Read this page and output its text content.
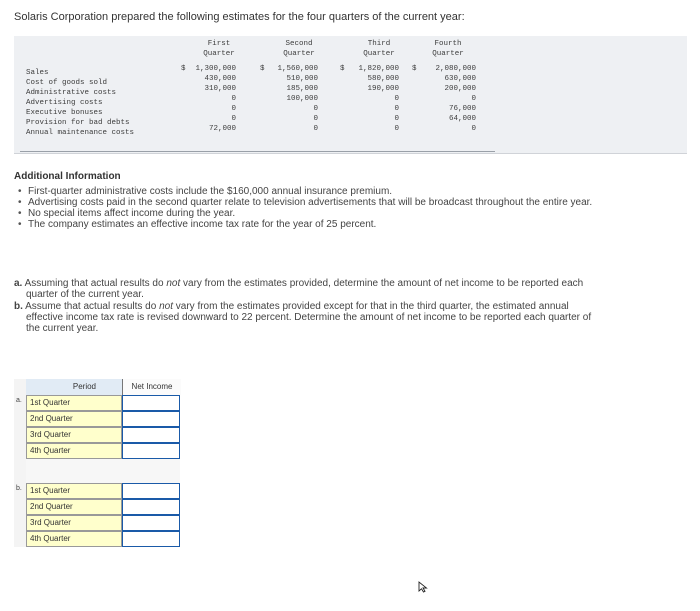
Solaris Corporation prepared the following estimates for the four quarters of the current year:
First
Quarter
Second
Quarter
Third
Quarter
Fourth
Quarter
Sales	$	1,300,000	$	1,560,000	$	1,820,000 $	2,080,000
Cost of goods sold	430,000	510,000	580,000	630,000
Administrative costs	310,000	185,000	190,000	200,000
Advertising costs	0	100,000	0	0
Executive bonuses	0	0	0	76,000
Provision for bad debts	0	0	0	64,000
Annual maintenance costs	72,000	0	0	0
Additional Information
• First-quarter administrative costs include the $160,000 annual insurance premium.
• Advertising costs paid in the second quarter relate to television advertisements that will be broadcast throughout the entire year.
• No special items affect income during the year.
• The company estimates an effective income tax rate for the year of 25 percent.
a. Assuming that actual results do not vary from the estimates provided, determine the amount of net income to be reported each
quarter of the current year.
b. Assume that actual results do not vary from the estimates provided except for that in the third quarter, the estimated annual
effective income tax rate is revised downward to 22 percent. Determine the amount of net income to be reported each quarter of
the current year.
Period	Net Income
a.	1st Quarter
2nd Quarter
3rd Quarter
4th Quarter
b.	1st Quarter
2nd Quarter
3rd Quarter
4th Quarter
